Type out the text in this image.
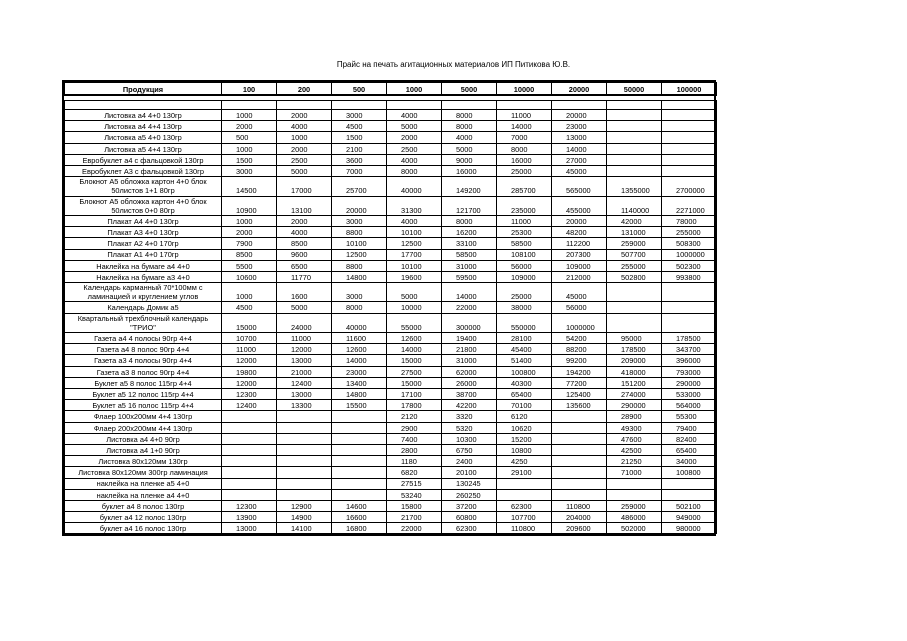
Прайс на печать агитационных материалов ИП Питикова Ю.В.
Продукция	100	200	500	1000	5000	10000	20000	50000	100000

Листовка а4 4+0 130гр	1000	2000	3000	4000	8000	11000	20000		
Листовка а4 4+4 130гр	2000	4000	4500	5000	8000	14000	23000		
Листовка а5 4+0 130гр	500	1000	1500	2000	4000	7000	13000		
Листовка а5 4+4 130гр	1000	2000	2100	2500	5000	8000	14000		
Евробуклет а4 с фальцовкой 130гр	1500	2500	3600	4000	9000	16000	27000		
Евробуклет А3 с фальцовкой 130гр	3000	5000	7000	8000	16000	25000	45000		
Блокнот А5 обложка картон 4+0 блок 50листов 1+1 80гр	14500	17000	25700	40000	149200	285700	565000	1355000	2700000
Блокнот А5 обложка картон 4+0 блок 50листов 0+0 80гр	10900	13100	20000	31300	121700	235000	455000	1140000	2271000
Плакат А4 4+0 130гр	1000	2000	3000	4000	8000	11000	20000	42000	78000
Плакат А3 4+0 130гр	2000	4000	8800	10100	16200	25300	48200	131000	255000
Плакат А2 4+0 170гр	7900	8500	10100	12500	33100	58500	112200	259000	508300
Плакат А1 4+0 170гр	8500	9600	12500	17700	58500	108100	207300	507700	1000000
Наклейка на бумаге а4 4+0	5500	6500	8800	10100	31000	56000	109000	255000	502300
Наклейка на бумаге а3 4+0	10600	11770	14800	19600	59500	109000	212000	502800	993800
Календарь карманный 70*100мм с ламинацией и круглением углов	1000	1600	3000	5000	14000	25000	45000		
Календарь Домик а5	4500	5000	8000	10000	22000	38000	56000		
Квартальный трехблочный календарь "ТРИО"	15000	24000	40000	55000	300000	550000	1000000		
Газета а4 4 полосы 90гр 4+4	10700	11000	11600	12600	19400	28100	54200	95000	178500
Газета а4 8 полос 90гр 4+4	11000	12000	12600	14000	21800	45400	88200	178500	343700
Газета а3 4 полосы 90гр 4+4	12000	13000	14000	15000	31000	51400	99200	209000	396000
Газета а3 8 полос 90гр 4+4	19800	21000	23000	27500	62000	100800	194200	418000	793000
Буклет а5 8 полос 115гр 4+4	12000	12400	13400	15000	26000	40300	77200	151200	290000
Буклет а5 12 полос 115гр 4+4	12300	13000	14800	17100	38700	65400	125400	274000	533000
Буклет а5 16 полос 115гр 4+4	12400	13300	15500	17800	42200	70100	135600	290000	564000
Флаер 100х200мм 4+4 130гр				2120	3320	6120		28900	55300
Флаер 200х200мм 4+4 130гр				2900	5320	10620		49300	79400
Листовка а4 4+0 90гр				7400	10300	15200		47600	82400
Листовка а4 1+0 90гр				2800	6750	10800		42500	65400
Листовка 80х120мм 130гр				1180	2400	4250		21250	34000
Листовка 80х120мм 300гр ламинация				6820	20100	29100		71000	100800
наклейка на пленке а5 4+0				27515	130245				
наклейка на пленке а4 4+0				53240	260250				
буклет а4 8 полос 130гр	12300	12900	14600	15800	37200	62300	110800	259000	502100
буклет а4 12 полос 130гр	13900	14900	16600	21700	60800	107700	204000	486000	949000
буклет а4 16 полос 130гр	13000	14100	16800	22000	62300	110800	209600	502000	980000
